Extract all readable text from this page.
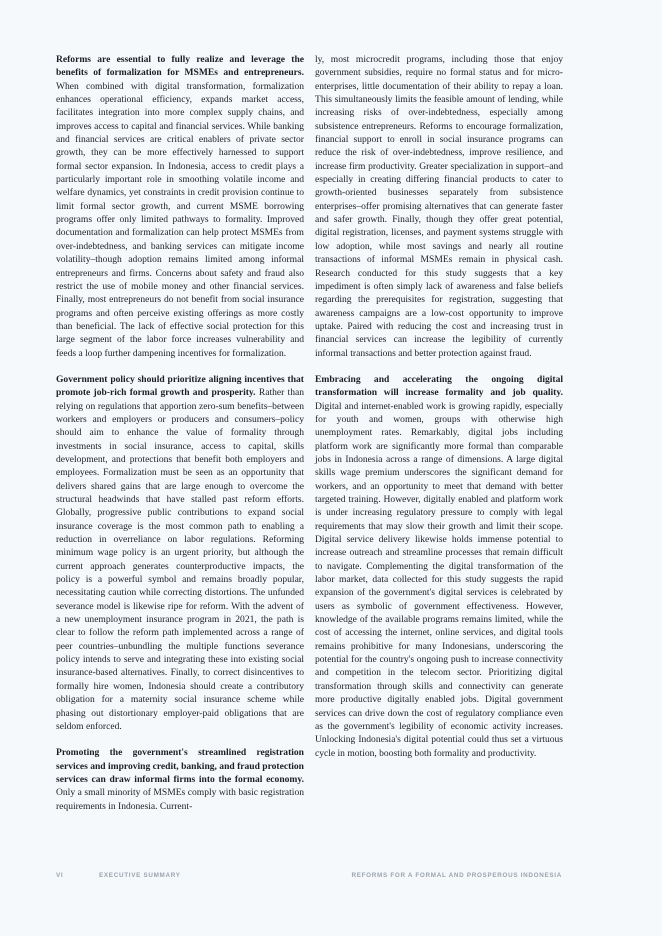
Reforms are essential to fully realize and leverage the benefits of formalization for MSMEs and entrepreneurs. When combined with digital transformation, formalization enhances operational efficiency, expands market access, facilitates integration into more complex supply chains, and improves access to capital and financial services. While banking and financial services are critical enablers of private sector growth, they can be more effectively harnessed to support formal sector expansion. In Indonesia, access to credit plays a particularly important role in smoothing volatile income and welfare dynamics, yet constraints in credit provision continue to limit formal sector growth, and current MSME borrowing programs offer only limited pathways to formality. Improved documentation and formalization can help protect MSMEs from over-indebtedness, and banking services can mitigate income volatility–though adoption remains limited among informal entrepreneurs and firms. Concerns about safety and fraud also restrict the use of mobile money and other financial services. Finally, most entrepreneurs do not benefit from social insurance programs and often perceive existing offerings as more costly than beneficial. The lack of effective social protection for this large segment of the labor force increases vulnerability and feeds a loop further dampening incentives for formalization.

Government policy should prioritize aligning incentives that promote job-rich formal growth and prosperity. Rather than relying on regulations that apportion zero-sum benefits–between workers and employers or producers and consumers–policy should aim to enhance the value of formality through investments in social insurance, access to capital, skills development, and protections that benefit both employers and employees. Formalization must be seen as an opportunity that delivers shared gains that are large enough to overcome the structural headwinds that have stalled past reform efforts. Globally, progressive public contributions to expand social insurance coverage is the most common path to enabling a reduction in overreliance on labor regulations. Reforming minimum wage policy is an urgent priority, but although the current approach generates counterproductive impacts, the policy is a powerful symbol and remains broadly popular, necessitating caution while correcting distortions. The unfunded severance model is likewise ripe for reform. With the advent of a new unemployment insurance program in 2021, the path is clear to follow the reform path implemented across a range of peer countries–unbundling the multiple functions severance policy intends to serve and integrating these into existing social insurance-based alternatives. Finally, to correct disincentives to formally hire women, Indonesia should create a contributory obligation for a maternity social insurance scheme while phasing out distortionary employer-paid obligations that are seldom enforced.

Promoting the government's streamlined registration services and improving credit, banking, and fraud protection services can draw informal firms into the formal economy. Only a small minority of MSMEs comply with basic registration requirements in Indonesia. Current-

ly, most microcredit programs, including those that enjoy government subsidies, require no formal status and for micro-enterprises, little documentation of their ability to repay a loan. This simultaneously limits the feasible amount of lending, while increasing risks of over-indebtedness, especially among subsistence entrepreneurs. Reforms to encourage formalization, financial support to enroll in social insurance programs can reduce the risk of over-indebtedness, improve resilience, and increase firm productivity. Greater specialization in support–and especially in creating differing financial products to cater to growth-oriented businesses separately from subsistence enterprises–offer promising alternatives that can generate faster and safer growth. Finally, though they offer great potential, digital registration, licenses, and payment systems struggle with low adoption, while most savings and nearly all routine transactions of informal MSMEs remain in physical cash. Research conducted for this study suggests that a key impediment is often simply lack of awareness and false beliefs regarding the prerequisites for registration, suggesting that awareness campaigns are a low-cost opportunity to improve uptake. Paired with reducing the cost and increasing trust in financial services can increase the legibility of currently informal transactions and better protection against fraud.

Embracing and accelerating the ongoing digital transformation will increase formality and job quality. Digital and internet-enabled work is growing rapidly, especially for youth and women, groups with otherwise high unemployment rates. Remarkably, digital jobs including platform work are significantly more formal than comparable jobs in Indonesia across a range of dimensions. A large digital skills wage premium underscores the significant demand for workers, and an opportunity to meet that demand with better targeted training. However, digitally enabled and platform work is under increasing regulatory pressure to comply with legal requirements that may slow their growth and limit their scope. Digital service delivery likewise holds immense potential to increase outreach and streamline processes that remain difficult to navigate. Complementing the digital transformation of the labor market, data collected for this study suggests the rapid expansion of the government's digital services is celebrated by users as symbolic of government effectiveness. However, knowledge of the available programs remains limited, while the cost of accessing the internet, online services, and digital tools remains prohibitive for many Indonesians, underscoring the potential for the country's ongoing push to increase connectivity and competition in the telecom sector. Prioritizing digital transformation through skills and connectivity can generate more productive digitally enabled jobs. Digital government services can drive down the cost of regulatory compliance even as the government's legibility of economic activity increases. Unlocking Indonesia's digital potential could thus set a virtuous cycle in motion, boosting both formality and productivity.

VI	EXECUTIVE SUMMARY	REFORMS FOR A FORMAL AND PROSPEROUS INDONESIA
